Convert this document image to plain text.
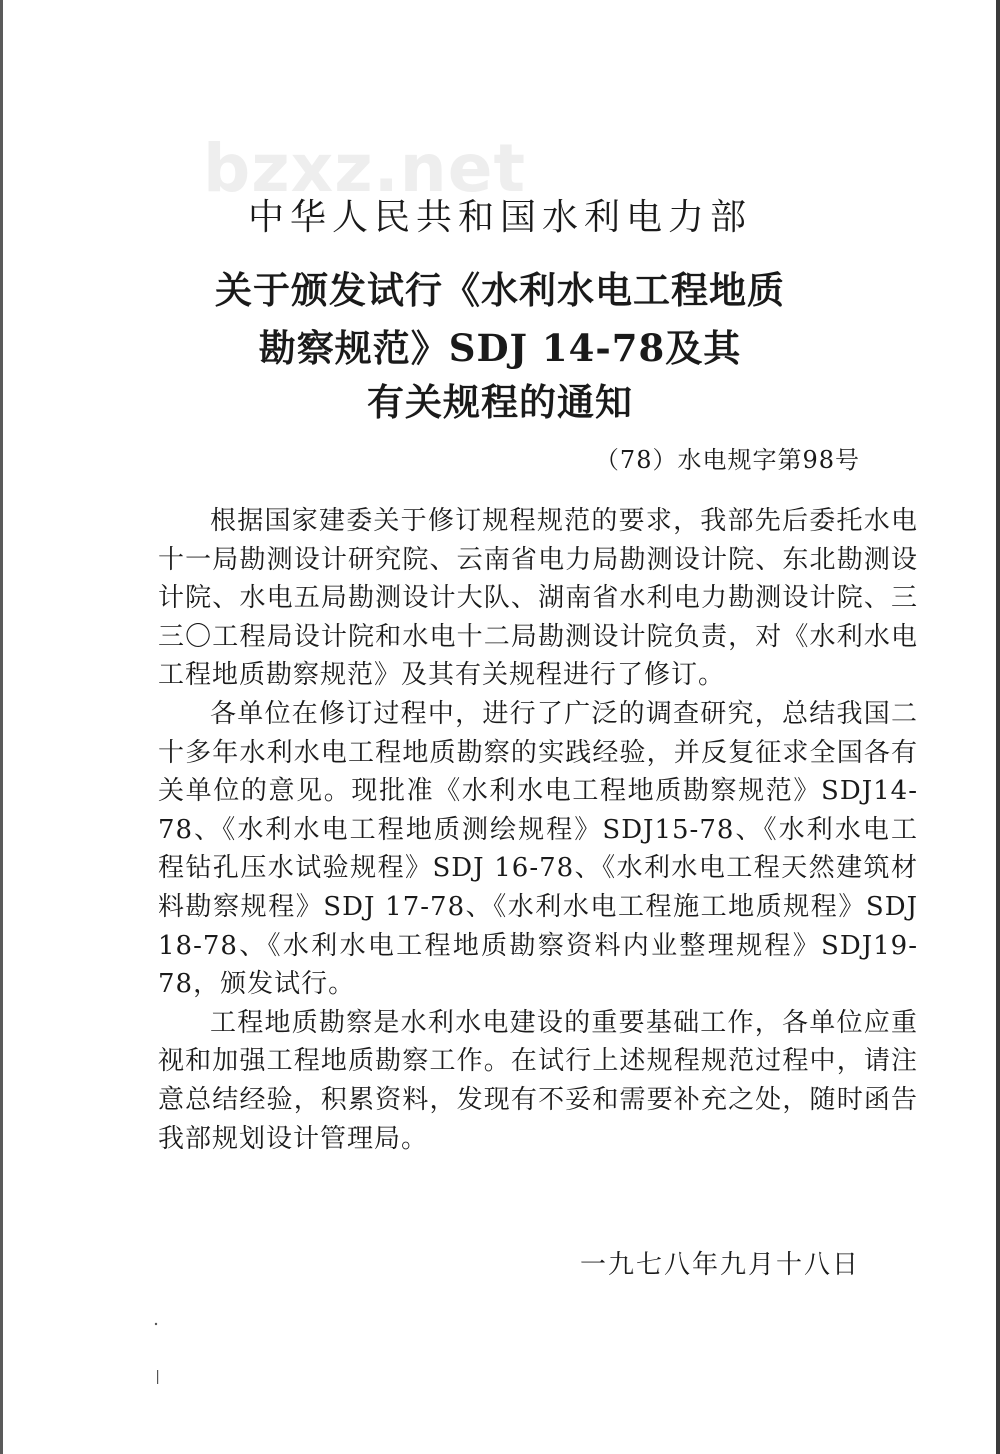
bzxz.net
中华人民共和国水利电力部
关于颁发试行《水利水电工程地质
勘察规范》SDJ 14-78及其
有关规程的通知
（78）水电规字第98号

根据国家建委关于修订规程规范的要求，我部先后委托水电十一局勘测设计研究院、云南省电力局勘测设计院、东北勘测设计院、水电五局勘测设计大队、湖南省水利电力勘测设计院、三三〇工程局设计院和水电十二局勘测设计院负责，对《水利水电工程地质勘察规范》及其有关规程进行了修订。

各单位在修订过程中，进行了广泛的调查研究，总结我国二十多年水利水电工程地质勘察的实践经验，并反复征求全国各有关单位的意见。现批准《水利水电工程地质勘察规范》SDJ14-78、《水利水电工程地质测绘规程》SDJ15-78、《水利水电工程钻孔压水试验规程》SDJ 16-78、《水利水电工程天然建筑材料勘察规程》SDJ 17-78、《水利水电工程施工地质规程》SDJ 18-78、《水利水电工程地质勘察资料内业整理规程》SDJ19-78，颁发试行。

工程地质勘察是水利水电建设的重要基础工作，各单位应重视和加强工程地质勘察工作。在试行上述规程规范过程中，请注意总结经验，积累资料，发现有不妥和需要补充之处，随时函告我部规划设计管理局。

一九七八年九月十八日
